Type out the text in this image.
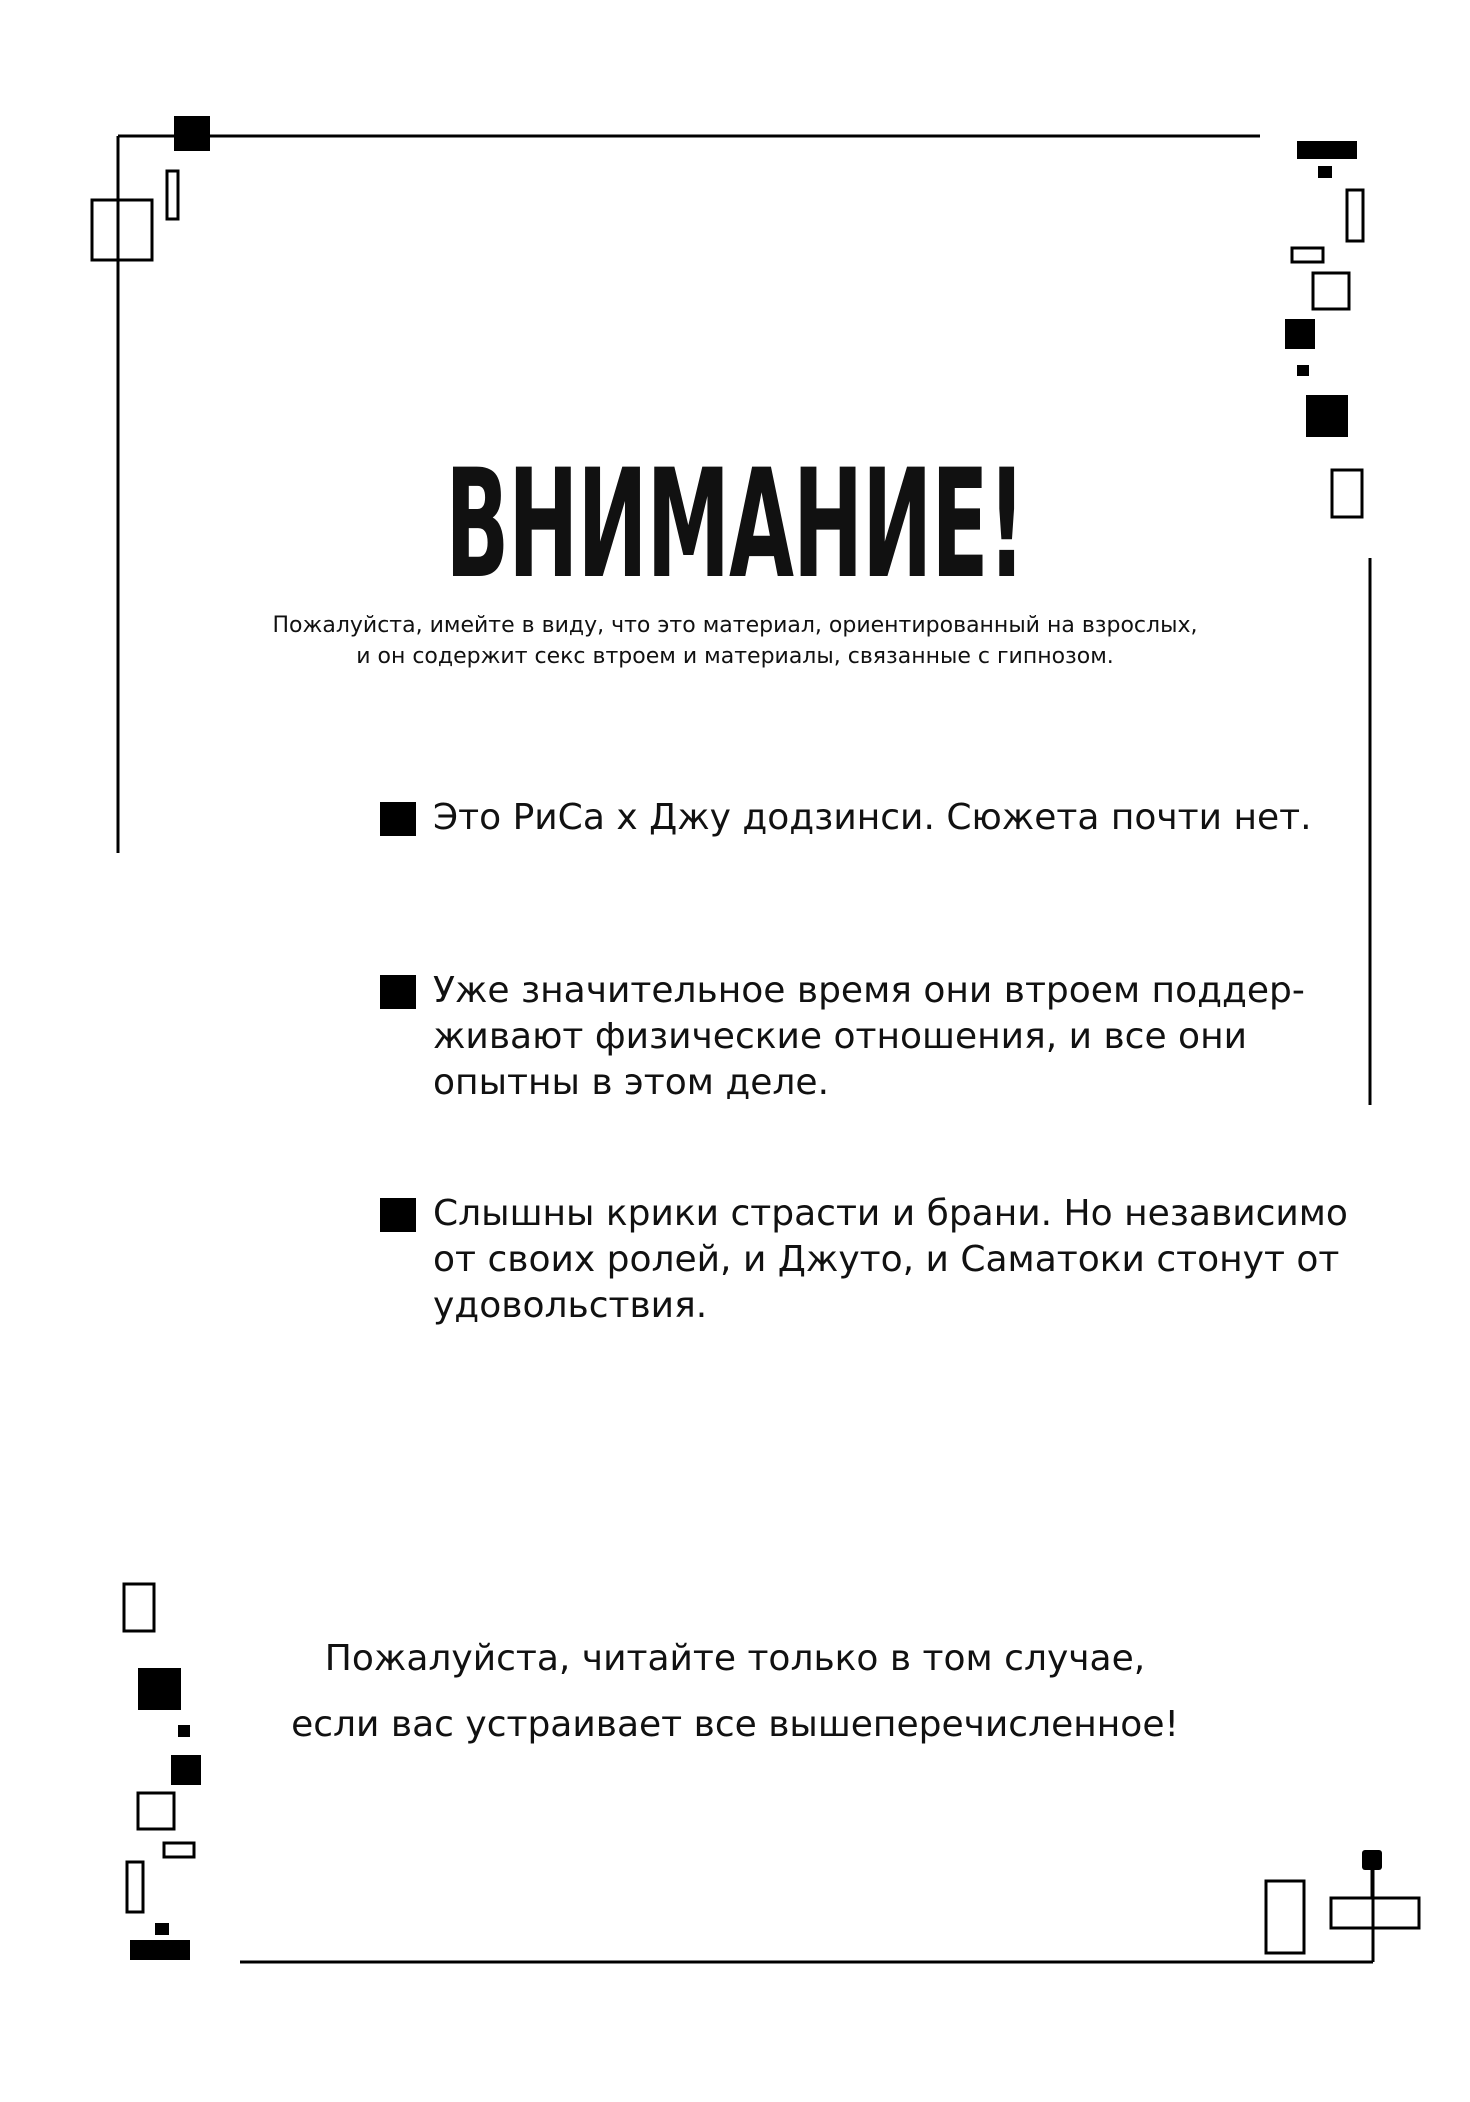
ВНИМАНИЕ!
Пожалуйста, имейте в виду, что это материал, ориентированный на взрослых,
и он содержит секс втроем и материалы, связанные с гипнозом.
Это РиСа х Джу додзинси. Сюжета почти нет.
Уже значительное время они втроем поддер-
живают физические отношения, и все они
опытны в этом деле.
Слышны крики страсти и брани. Но независимо
от своих ролей, и Джуто, и Саматоки стонут от
удовольствия.
Пожалуйста, читайте только в том случае,
если вас устраивает все вышеперечисленное!
